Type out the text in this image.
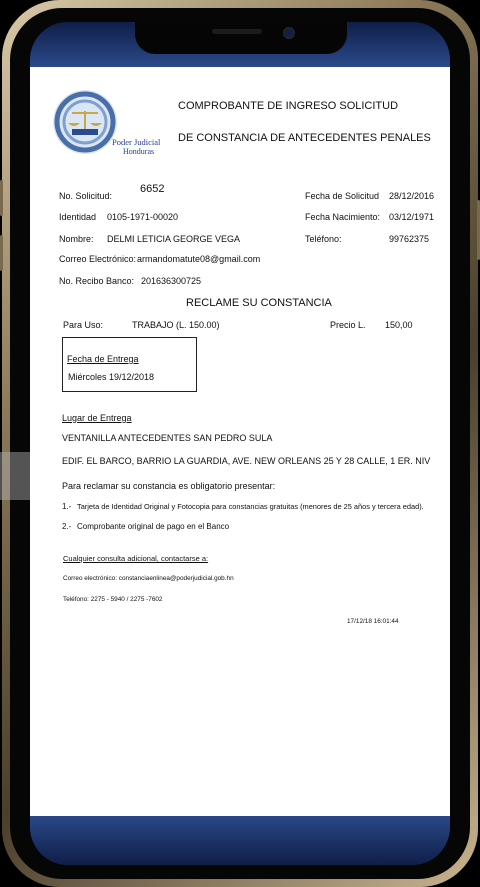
Poder Judicial
Honduras
COMPROBANTE DE INGRESO SOLICITUD
DE CONSTANCIA DE ANTECEDENTES PENALES
No. Solicitud:
6652
Fecha de Solicitud 28/12/2016
Identidad 0105-1971-00020	Fecha Nacimiento: 03/12/1971
Nombre: DELMI LETICIA GEORGE VEGA	Teléfono:	99762375
Correo Electrónico: armandomatute08@gmail.com
No. Recibo Banco: 201636300725
RECLAME SU CONSTANCIA
Para Uso:	TRABAJO (L. 150.00)	Precio L. 150,00
Fecha de Entrega
Miércoles 19/12/2018
Lugar de Entrega
VENTANILLA ANTECEDENTES SAN PEDRO SULA
EDIF. EL BARCO, BARRIO LA GUARDIA, AVE. NEW ORLEANS 25 Y 28 CALLE, 1 ER. NIV
Para reclamar su constancia es obligatorio presentar:
1.- Tarjeta de Identidad Original y Fotocopia para constancias gratuitas (menores de 25 años y tercera edad).
2.- Comprobante original de pago en el Banco
Cualquier consulta adicional, contactarse a:
Correo electrónico: constanciaenlinea@poderjudicial.gob.hn
Teléfono: 2275 - 5940 / 2275 -7602
17/12/18 16:01:44
